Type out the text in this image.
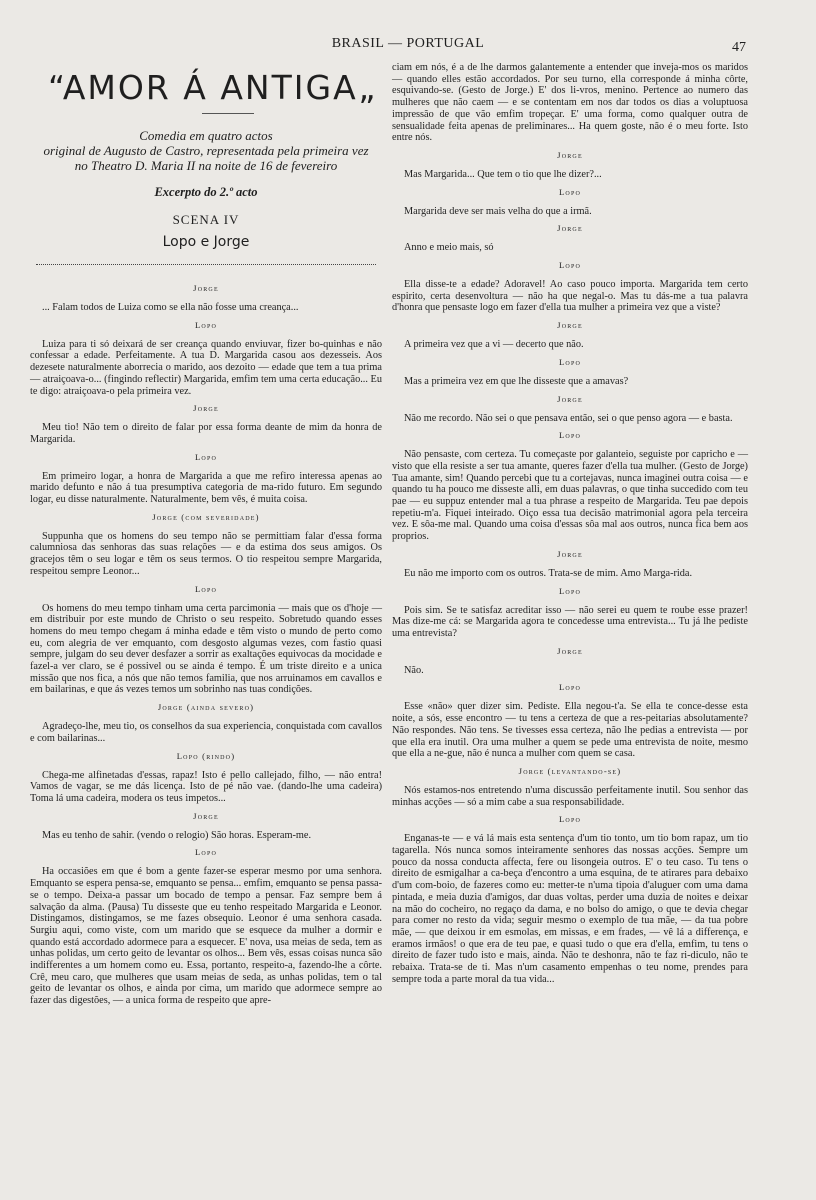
BRASIL — PORTUGAL	47
“AMOR Á ANTIGA„
Comedia em quatro actos
original de Augusto de Castro, representada pela primeira vez
no Theatro D. Maria II na noite de 16 de fevereiro
Excerpto do 2.º acto
SCENA IV
Lopo e Jorge
Jorge

... Falam todos de Luiza como se ella não fosse uma creança...

Lopo

Luiza para ti só deixará de ser creança quando enviuvar, fizer bo-quinhas e não confessar a edade. Perfeitamente. A tua D. Margarida casou aos dezesseis. Aos dezesete naturalmente aborrecia o marido, aos dezoito — edade que tem a tua prima — atraiçoava-o... (fingindo reflectir) Margarida, emfim tem uma certa educação... Eu te digo: atraiçoava-o pela primeira vez.

Jorge

Meu tio! Não tem o direito de falar por essa forma deante de mim da honra de Margarida.

Lopo

Em primeiro logar, a honra de Margarida a que me refiro interessa apenas ao marido defunto e não á tua presumptiva categoria de ma-rido futuro. Em segundo logar, eu disse naturalmente. Naturalmente, bem vês, é muita coisa.

Jorge (com severidade)

Suppunha que os homens do seu tempo não se permittiam falar d'essa forma calumniosa das senhoras das suas relações — e da estima dos seus amigos. Os gracejos têm o seu logar e têm os seus termos. O tio respeitou sempre Margarida, respeitou sempre Leonor...

Lopo

Os homens do meu tempo tinham uma certa parcimonia — mais que os d'hoje — em distribuir por este mundo de Christo o seu respeito. Sobretudo quando esses homens do meu tempo chegam á minha edade e têm visto o mundo de perto como eu, com alegria de ver emquanto, com desgosto algumas vezes, com fastio quasi sempre, julgam do seu dever desfazer a sorrir as exaltações equivocas da mocidade e fazel-a ver claro, se é possivel ou se ainda é tempo. É um triste direito e a unica missão que nos fica, a nós que não temos familia, que nos arruinamos em cavallos e em bailarinas, e que ás vezes temos um sobrinho nas tuas condições.

Jorge (ainda severo)

Agradeço-lhe, meu tio, os conselhos da sua experiencia, conquistada com cavallos e com bailarinas...

Lopo (rindo)

Chega-me alfinetadas d'essas, rapaz! Isto é pello callejado, filho, — não entra! Vamos de vagar, se me dás licença. Isto de pé não vae. (dando-lhe uma cadeira) Toma lá uma cadeira, modera os teus impetos...

Jorge

Mas eu tenho de sahir. (vendo o relogio) São horas. Esperam-me.

Lopo

Ha occasiões em que é bom a gente fazer-se esperar mesmo por uma senhora. Emquanto se espera pensa-se, emquanto se pensa... emfim, emquanto se pensa passa-se o tempo. Deixa-a passar um bocado de tempo a pensar. Faz sempre bem á salvação da alma. (Pausa) Tu disseste que eu tenho respeitado Margarida e Leonor. Distingamos, distingamos, se me fazes obsequio. Leonor é uma senhora casada. Surgiu aqui, como viste, com um marido que se esquece da mulher a dormir e quando está accordado adormece para a esquecer. E' nova, usa meias de seda, tem as unhas polidas, um certo geito de levantar os olhos... Bem vês, essas coisas nunca são indifferentes a um homem como eu. Essa, portanto, respeito-a, fazendo-lhe a côrte. Crê, meu caro, que mulheres que usam meias de seda, as unhas polidas, tem o tal geito de levantar os olhos, e ainda por cima, um marido que adormece sempre ao fazer das digestões, — a unica forma de respeito que apre-

ciam em nós, é a de lhe darmos galantemente a entender que inveja-mos os maridos — quando elles estão accordados. Por seu turno, ella corresponde á minha côrte, esquivando-se. (Gesto de Jorge.) E' dos li-vros, menino. Pertence ao numero das mulheres que não caem — e se contentam em nos dar todos os dias a voluptuosa impressão de que vão emfim tropeçar. E' uma forma, como qualquer outra de sensualidade feita apenas de preliminares... Ha quem goste, não é o meu forte. Isto entre nós.

Jorge

Mas Margarida... Que tem o tio que lhe dizer?...

Lopo

Margarida deve ser mais velha do que a irmã.

Jorge

Anno e meio mais, só

Lopo

Ella disse-te a edade? Adoravel! Ao caso pouco importa. Margarida tem certo espirito, certa desenvoltura — não ha que negal-o. Mas tu dás-me a tua palavra d'honra que pensaste logo em fazer d'ella tua mulher a primeira vez que a viste?

Jorge

A primeira vez que a vi — decerto que não.

Lopo

Mas a primeira vez em que lhe disseste que a amavas?

Jorge

Não me recordo. Não sei o que pensava então, sei o que penso agora — e basta.

Lopo

Não pensaste, com certeza. Tu começaste por galanteio, seguiste por capricho e — visto que ella resiste a ser tua amante, queres fazer d'ella tua mulher. (Gesto de Jorge) Tua amante, sim! Quando percebi que tu a cortejavas, nunca imaginei outra coisa — e quando tu ha pouco me disseste alli, em duas palavras, o que tinha succedido com teu pae — eu suppuz entender mal a tua phrase a respeito de Margarida. Teu pae depois repetiu-m'a. Fiquei inteirado. Oiço essa tua decisão matrimonial agora pela terceira vez. E sôa-me mal. Quando uma coisa d'essas sôa mal aos outros, nunca fica bem aos proprios.

Jorge

Eu não me importo com os outros. Trata-se de mim. Amo Marga-rida.

Lopo

Pois sim. Se te satisfaz acreditar isso — não serei eu quem te roube esse prazer! Mas dize-me cá: se Margarida agora te concedesse uma entrevista... Tu já lhe pediste uma entrevista?

Jorge

Não.

Lopo

Esse «não» quer dizer sim. Pediste. Ella negou-t'a. Se ella te conce-desse esta noite, a sós, esse encontro — tu tens a certeza de que a res-peitarias absolutamente? Não respondes. Não tens. Se tivesses essa certeza, não lhe pedias a entrevista — por que ella era inutil. Ora uma mulher a quem se pede uma entrevista de noite, mesmo que ella a ne-gue, não é nunca a mulher com quem se casa.

Jorge (levantando-se)

Nós estamos-nos entretendo n'uma discussão perfeitamente inutil. Sou senhor das minhas acções — só a mim cabe a sua responsabilidade.

Lopo

Enganas-te — e vá lá mais esta sentença d'um tio tonto, um tio bom rapaz, um tio tagarella. Nós nunca somos inteiramente senhores das nossas acções. Sempre um pouco da nossa conducta affecta, fere ou lisongeia outros. E' o teu caso. Tu tens o direito de esmigalhar a ca-beça d'encontro a uma esquina, de te atirares para debaixo d'um com-boio, de fazeres como eu: metter-te n'uma tipoia d'aluguer com uma dama pintada, e meia duzia d'amigos, dar duas voltas, perder uma duzia de noites e deixar na mão do cocheiro, no regaço da dama, e no bolso do amigo, o que te devia chegar para comer no resto da vida; seguir mesmo o exemplo de tua mãe, — da tua pobre mãe, — que deixou ir em esmolas, em missas, e em frades, — vê lá a differença, e eramos irmãos! o que era de teu pae, e quasi tudo o que era d'ella, emfim, tu tens o direito de fazer tudo isto e mais, ainda. Não te deshonra, não te faz ri-diculo, não te rebaixa. Trata-se de ti. Mas n'um casamento empenhas o teu nome, prendes para sempre toda a parte moral da tua vida...
